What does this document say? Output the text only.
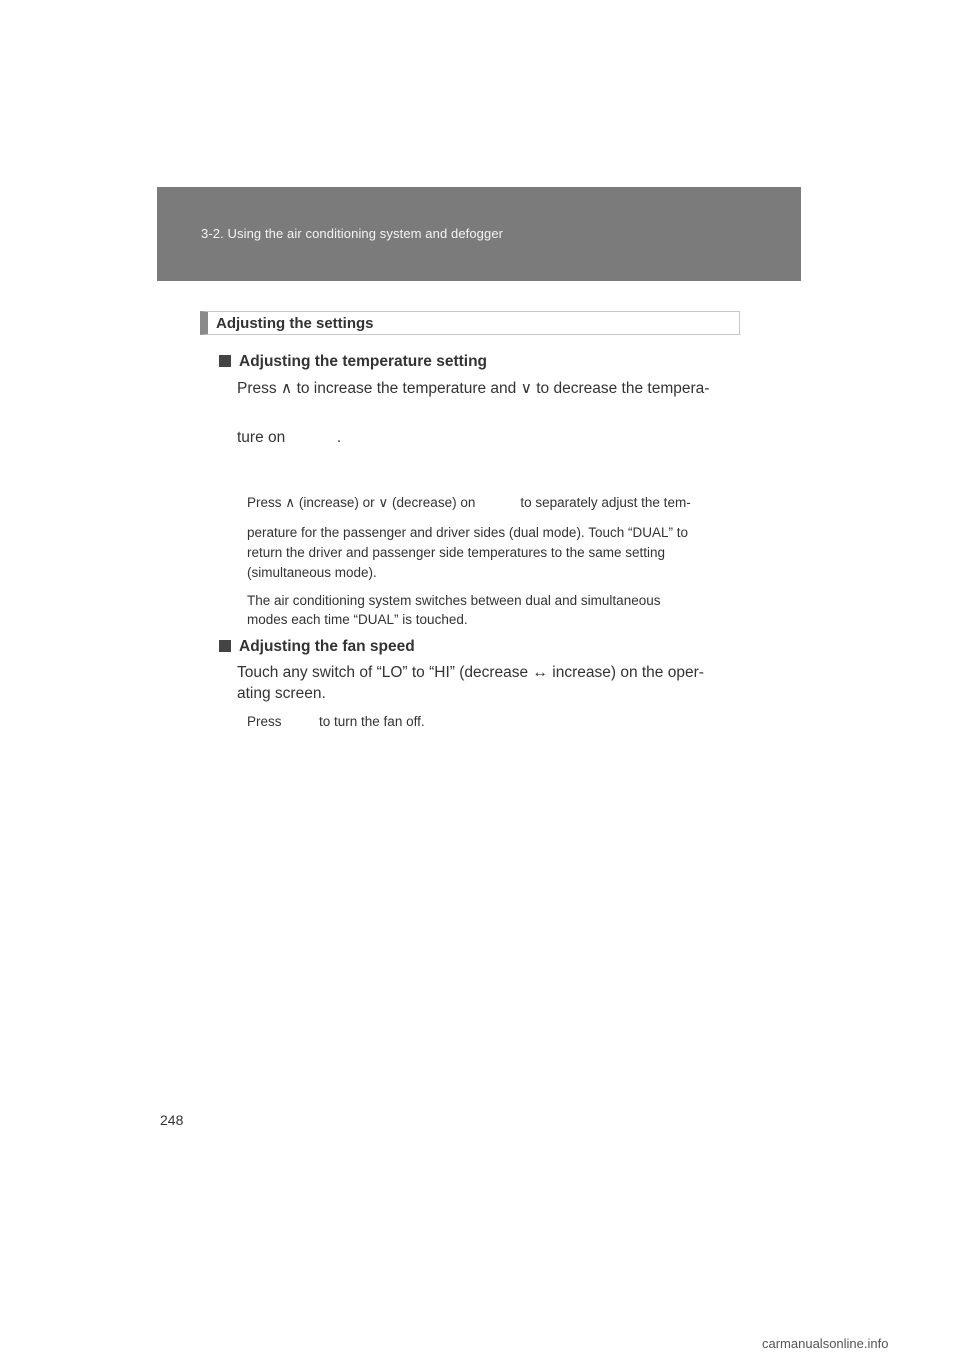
3-2. Using the air conditioning system and defogger
Adjusting the settings
Adjusting the temperature setting
Press ∧ to increase the temperature and ∨ to decrease the tempera-
ture on            .
Press ∧ (increase) or ∨ (decrease) on            to separately adjust the tem-
perature for the passenger and driver sides (dual mode). Touch “DUAL” to
return the driver and passenger side temperatures to the same setting
(simultaneous mode).
The air conditioning system switches between dual and simultaneous
modes each time “DUAL” is touched.
Adjusting the fan speed
Touch any switch of “LO” to “HI” (decrease ↔ increase) on the oper-
ating screen.
Press          to turn the fan off.
248
carmanualsonline.info
